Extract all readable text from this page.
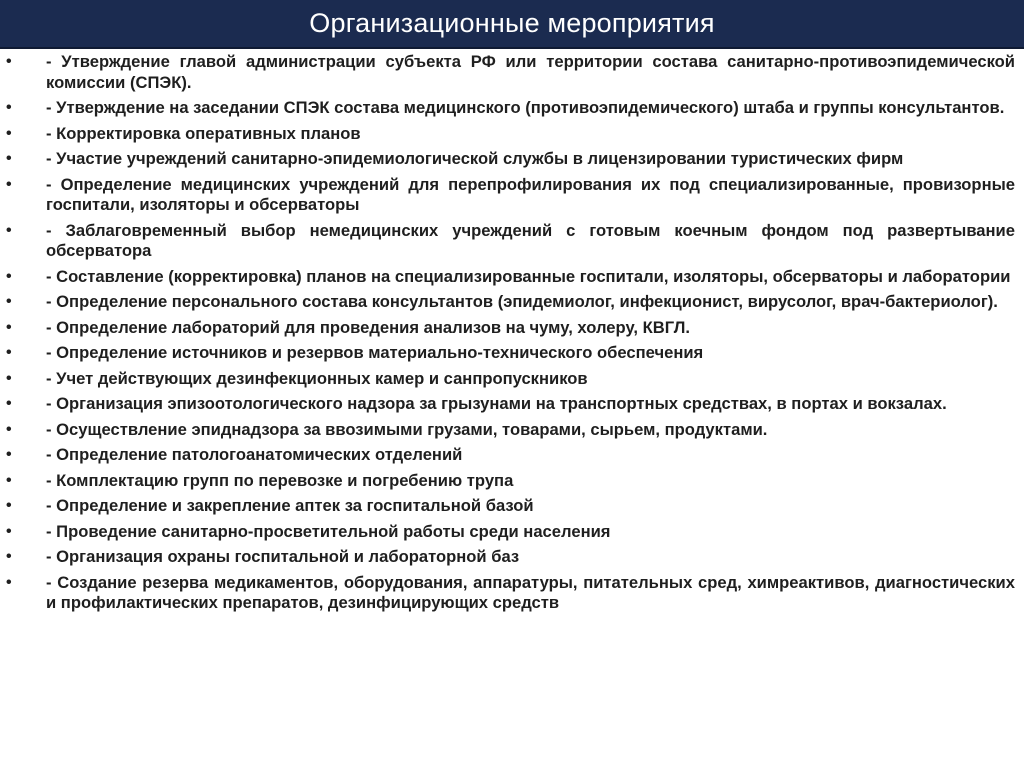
Организационные мероприятия
• - Утверждение главой администрации субъекта РФ или территории состава санитарно-противоэпидемической комиссии (СПЭК).
• - Утверждение на заседании СПЭК состава медицинского (противоэпидемического) штаба и группы консультантов.
• - Корректировка оперативных планов
• - Участие учреждений санитарно-эпидемиологической службы в лицензировании туристических фирм
• - Определение медицинских учреждений для перепрофилирования их под специализированные, провизорные госпитали, изоляторы и обсерваторы
• - Заблаговременный выбор немедицинских учреждений с готовым коечным фондом под развертывание обсерватора
• - Составление (корректировка) планов на специализированные госпитали, изоляторы, обсерваторы и лаборатории
• - Определение персонального состава консультантов (эпидемиолог, инфекционист, вирусолог, врач-бактериолог).
• - Определение лабораторий для проведения анализов на чуму, холеру, КВГЛ.
• - Определение источников и резервов материально-технического обеспечения
• - Учет действующих дезинфекционных камер и санпропускников
• - Организация эпизоотологического надзора за грызунами на транспортных средствах, в портах и вокзалах.
• - Осуществление эпиднадзора за ввозимыми грузами, товарами, сырьем, продуктами.
• - Определение патологоанатомических отделений
• - Комплектацию групп по перевозке и погребению трупа
• - Определение и закрепление аптек за госпитальной базой
• - Проведение санитарно-просветительной работы среди населения
• - Организация охраны госпитальной и лабораторной баз
• - Создание резерва медикаментов, оборудования, аппаратуры, питательных сред, химреактивов, диагностических и профилактических препаратов, дезинфицирующих средств
